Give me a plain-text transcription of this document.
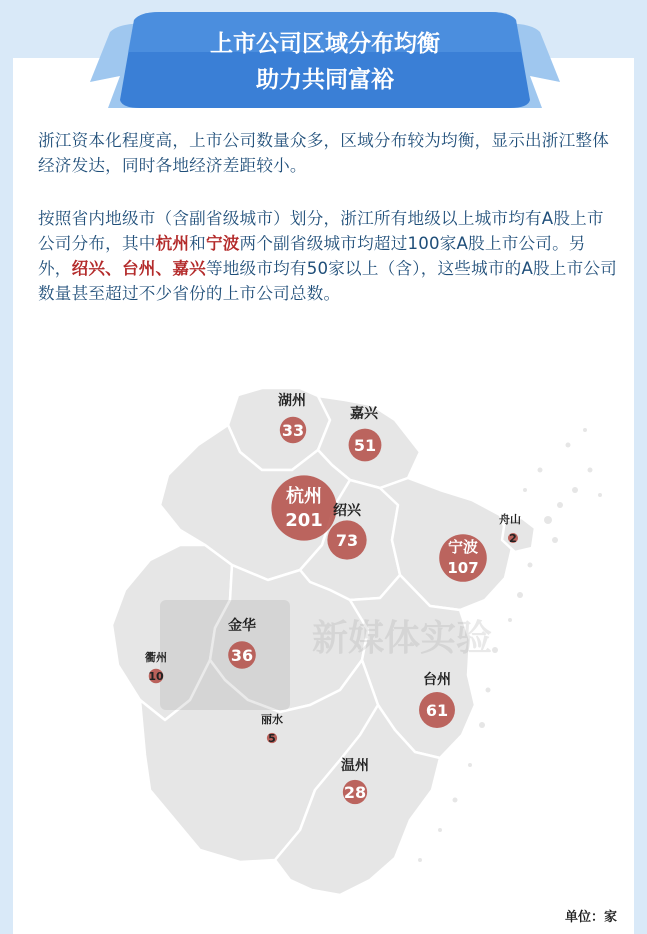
上市公司区域分布均衡
助力共同富裕
浙江资本化程度高，上市公司数量众多，区域分布较为均衡，显示出浙江整体经济发达，同时各地经济差距较小。
按照省内地级市（含副省级城市）划分，浙江所有地级以上城市均有A股上市公司分布，其中杭州和宁波两个副省级城市均超过100家A股上市公司。另外，绍兴、台州、嘉兴等地级市均有50家以上（含），这些城市的A股上市公司数量甚至超过不少省份的上市公司总数。
新媒体实验
湖州
33
嘉兴
51
杭州
201 绍兴
73
舟山
2
宁波
107
金华
36
衢州
10
丽水
5
台州
61
温州
28
单位：家
